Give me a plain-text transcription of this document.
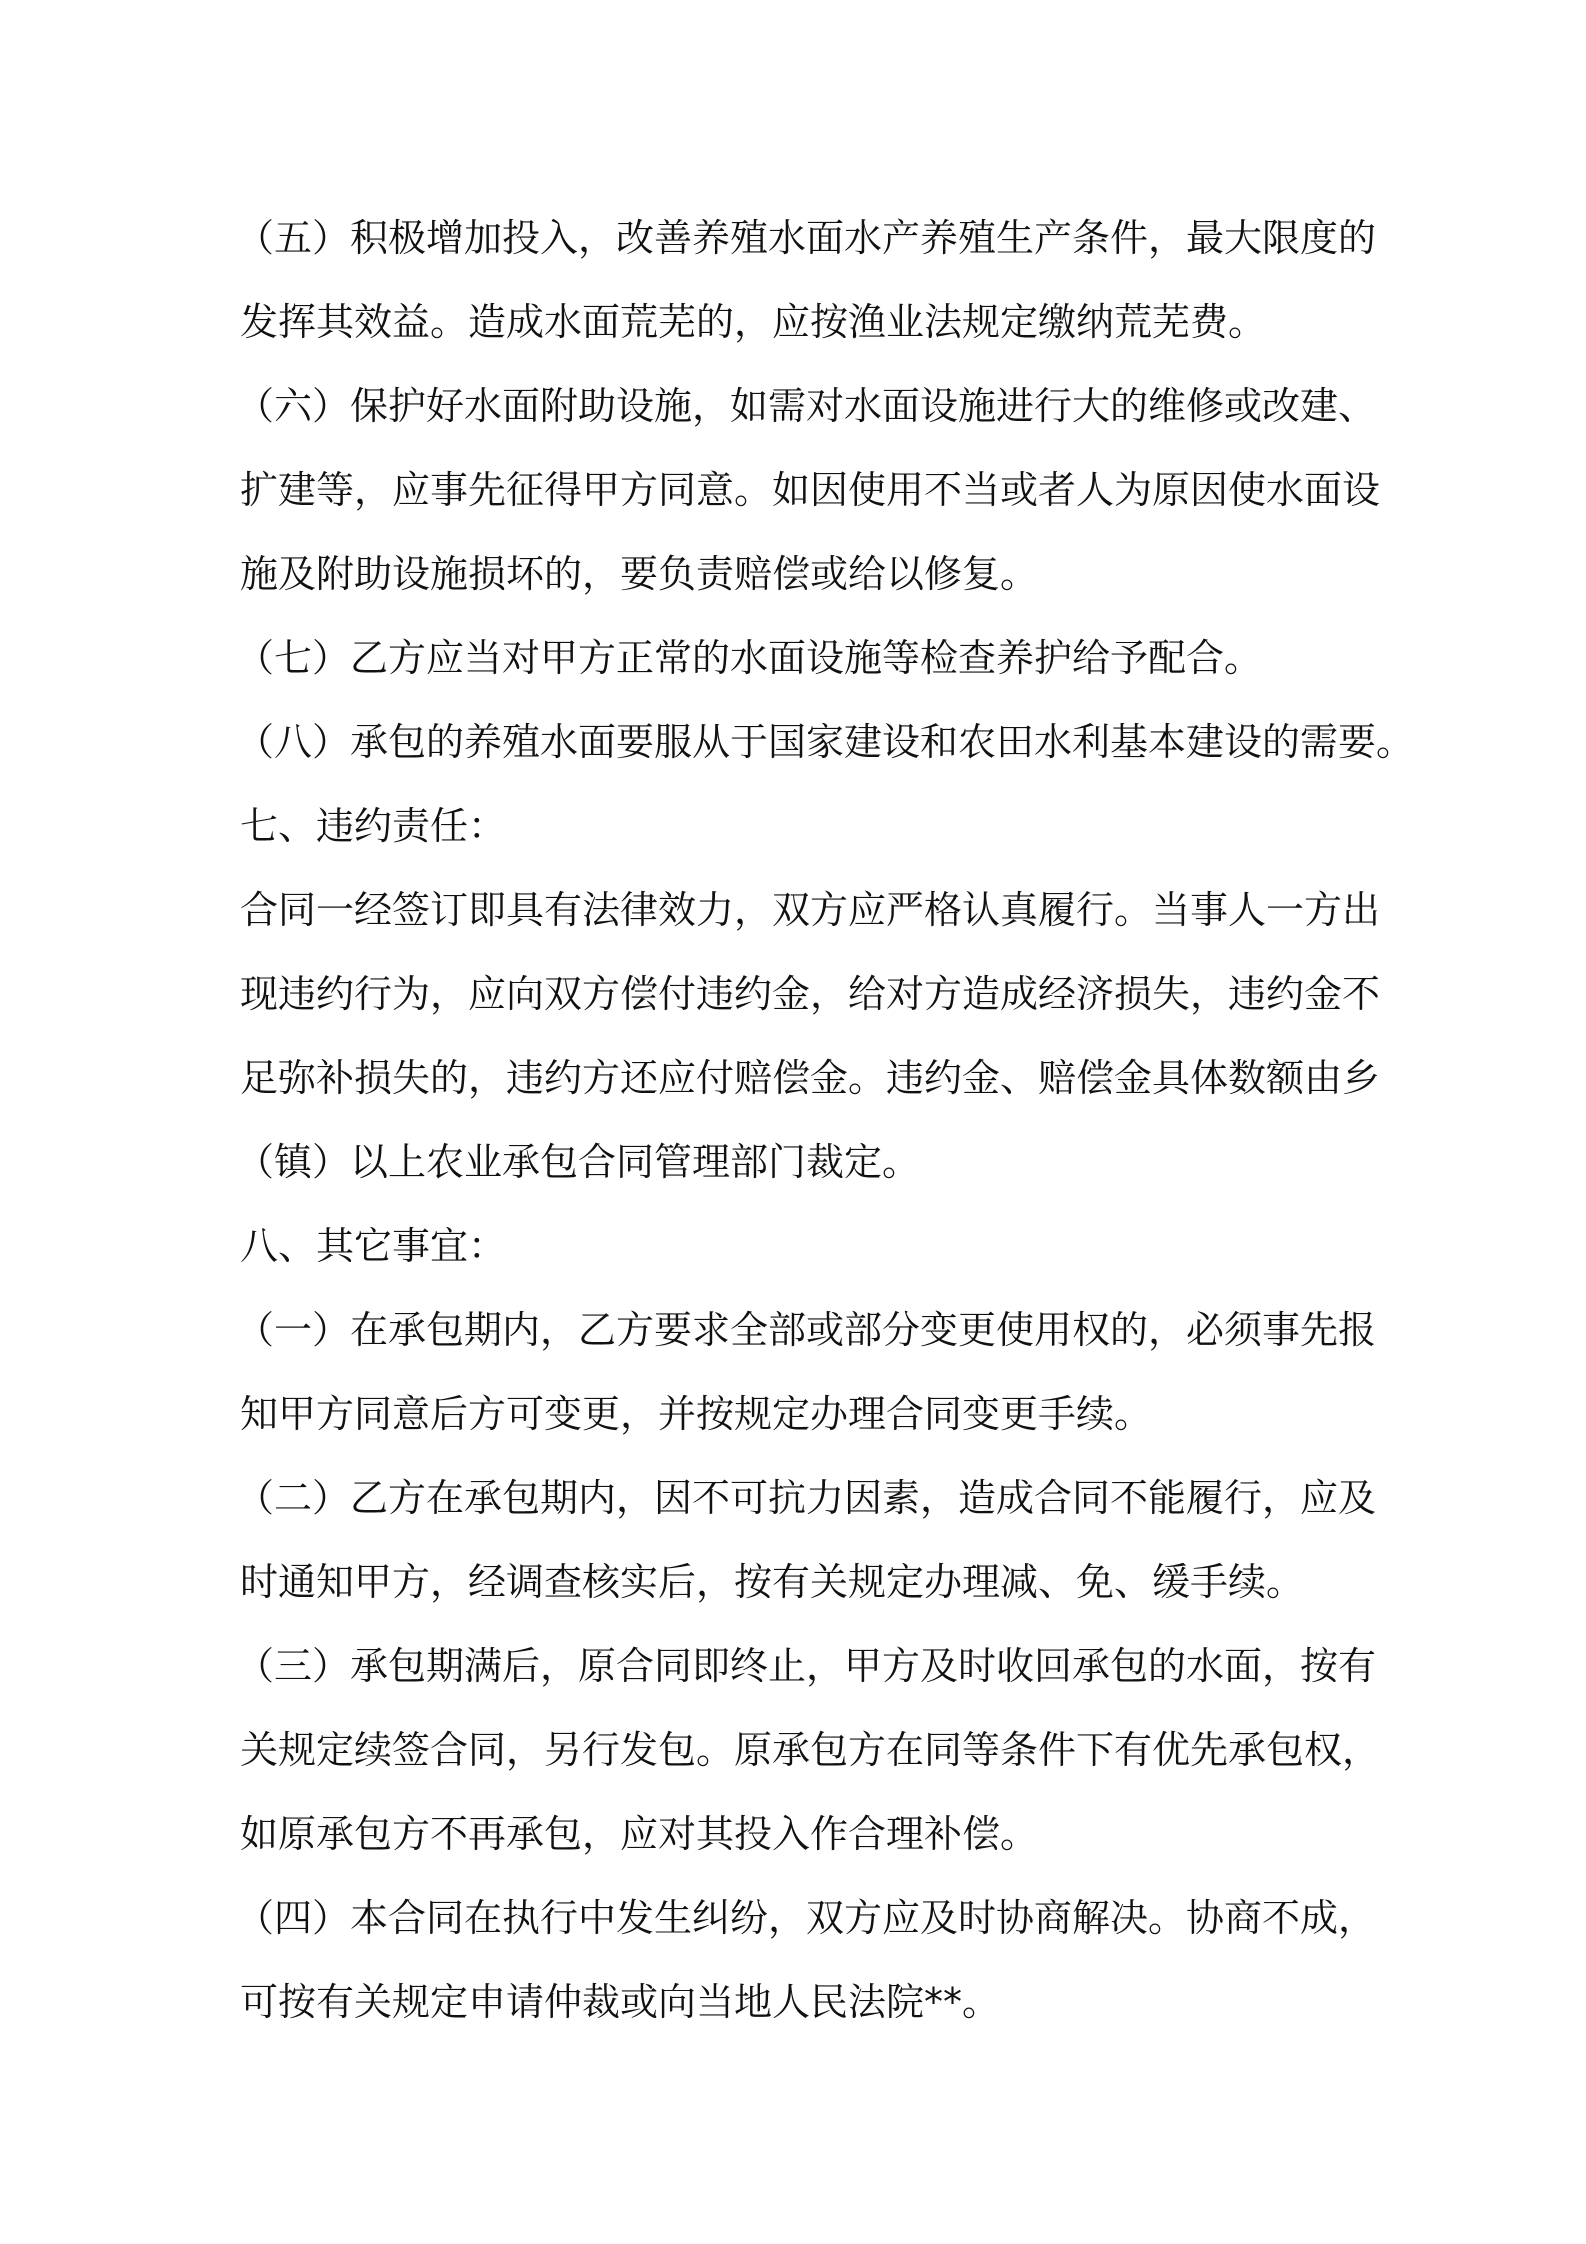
（五）积极增加投入，改善养殖水面水产养殖生产条件，最大限度的
发挥其效益。造成水面荒芜的，应按渔业法规定缴纳荒芜费。
（六）保护好水面附助设施，如需对水面设施进行大的维修或改建、
扩建等，应事先征得甲方同意。如因使用不当或者人为原因使水面设
施及附助设施损坏的，要负责赔偿或给以修复。
（七）乙方应当对甲方正常的水面设施等检查养护给予配合。
（八）承包的养殖水面要服从于国家建设和农田水利基本建设的需要。
七、违约责任：
合同一经签订即具有法律效力，双方应严格认真履行。当事人一方出
现违约行为，应向双方偿付违约金，给对方造成经济损失，违约金不
足弥补损失的，违约方还应付赔偿金。违约金、赔偿金具体数额由乡
（镇）以上农业承包合同管理部门裁定。
八、其它事宜：
（一）在承包期内，乙方要求全部或部分变更使用权的，必须事先报
知甲方同意后方可变更，并按规定办理合同变更手续。
（二）乙方在承包期内，因不可抗力因素，造成合同不能履行，应及
时通知甲方，经调查核实后，按有关规定办理减、免、缓手续。
（三）承包期满后，原合同即终止，甲方及时收回承包的水面，按有
关规定续签合同，另行发包。原承包方在同等条件下有优先承包权，
如原承包方不再承包，应对其投入作合理补偿。
（四）本合同在执行中发生纠纷，双方应及时协商解决。协商不成，
可按有关规定申请仲裁或向当地人民法院**。
